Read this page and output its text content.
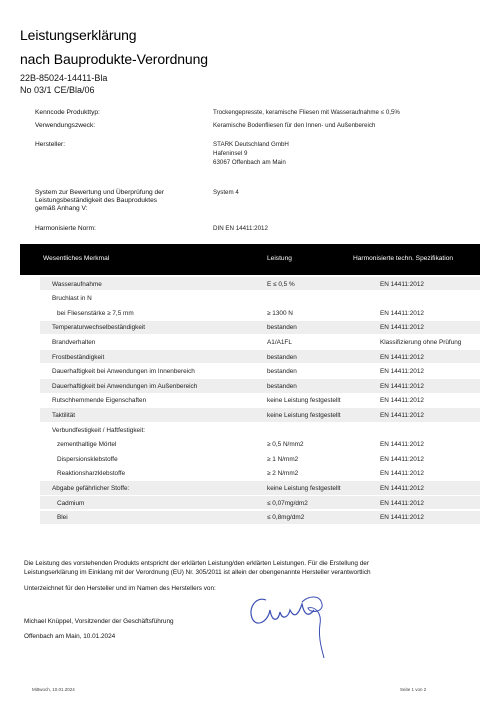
Leistungserklärung
nach Bauprodukte-Verordnung
22B-85024-14411-Bla
No 03/1 CE/Bla/06
Kenncode Produkttyp:	Trockengepresste, keramische Fliesen mit Wasseraufnahme ≤ 0,5%
Verwendungszweck:	Keramische Bodenfliesen für den Innen- und Außenbereich
Hersteller:	STARK Deutschland GmbH
Hafeninsel 9
63067 Offenbach am Main
System zur Bewertung und Überprüfung der
Leistungsbeständigkeit des Bauproduktes
gemäß Anhang V:
System 4
Harmonisierte Norm:	DIN EN 14411:2012
Wesentliches Merkmal	Leistung	Harmonisierte techn. Spezifikation
Wasseraufnahme	E ≤ 0,5 %	EN 14411:2012
Bruchlast in N
bei Fliesenstärke ≥ 7,5 mm	≥ 1300 N	EN 14411:2012
Temperaturwechselbeständigkeit	bestanden	EN 14411:2012
Brandverhalten	A1/A1FL	Klassifizierung ohne Prüfung
Frostbeständigkeit	bestanden	EN 14411:2012
Dauerhaftigkeit bei Anwendungen im Innenbereich	bestanden	EN 14411:2012
Dauerhaftigkeit bei Anwendungen im Außenbereich	bestanden	EN 14411:2012
Rutschhemmende Eigenschaften	keine Leistung festgestellt	EN 14411:2012
Taktilität	keine Leistung festgestellt	EN 14411:2012
Verbundfestigkeit / Haftfestigkeit:
zementhaltige Mörtel	≥ 0,5 N/mm2	EN 14411:2012
Dispersionsklebstoffe	≥ 1 N/mm2	EN 14411:2012
Reaktionsharzklebstoffe	≥ 2 N/mm2	EN 14411:2012
Abgabe gefährlicher Stoffe:	keine Leistung festgestellt	EN 14411:2012
Cadmium	≤ 0,07mg/dm2	EN 14411:2012
Blei	≤ 0,8mg/dm2	EN 14411:2012
Die Leistung des vorstehenden Produkts entspricht der erklärten Leistung/den erklärten Leistungen. Für die Erstellung der
Leistungserklärung im Einklang mit der Verordnung (EU) Nr. 305/2011 ist allein der obengenannte Hersteller verantwortlich
Unterzeichnet für den Hersteller und im Namen des Herstellers von:
Michael Knüppel, Vorsitzender der Geschäftsführung
Offenbach am Main, 10.01.2024
Mittwoch, 10.01.2024	Seite 1 von 2
